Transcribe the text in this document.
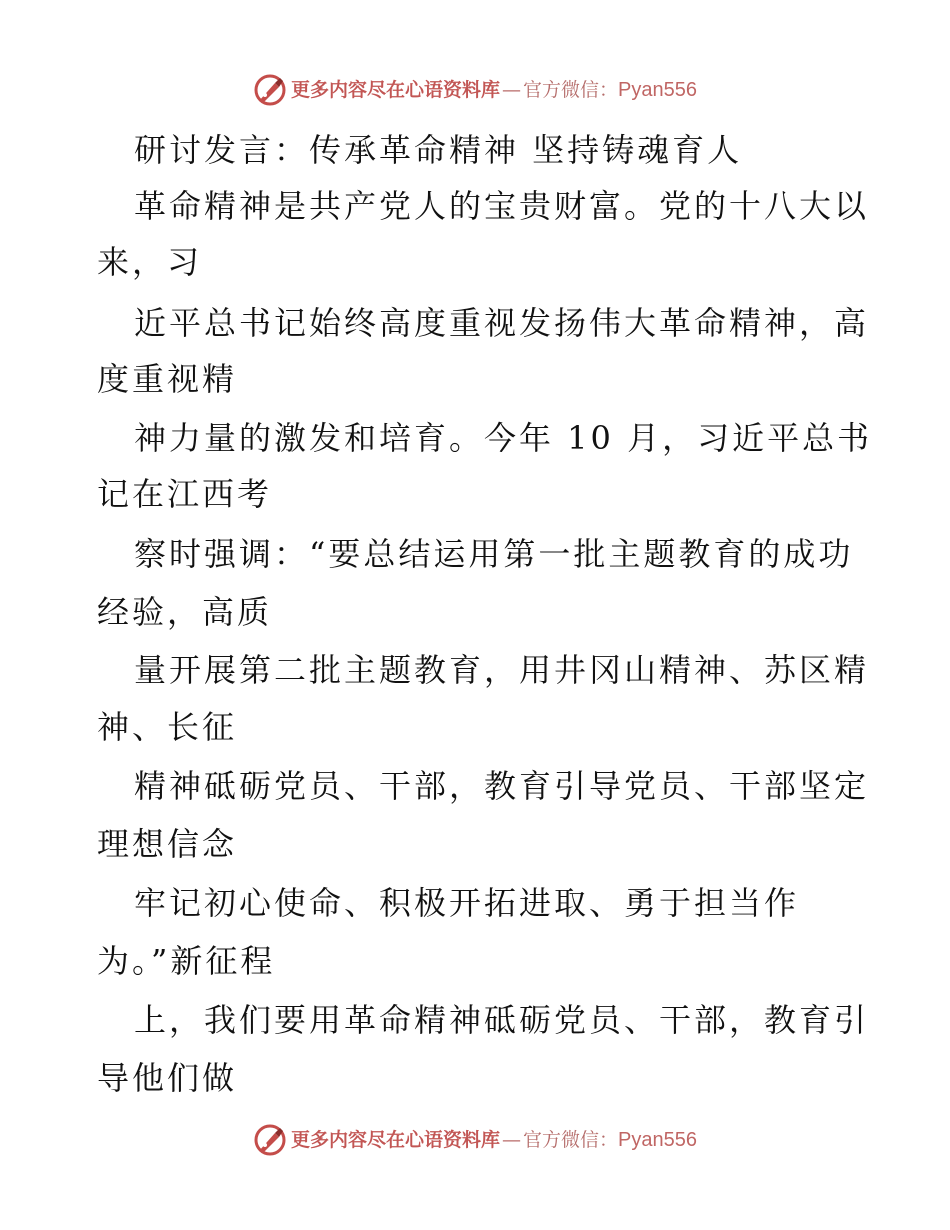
更多内容尽在心语资料库 — 官方微信： Pyan556
研讨发言：传承革命精神 坚持铸魂育人
革命精神是共产党人的宝贵财富。党的十八大以
来，习
近平总书记始终高度重视发扬伟大革命精神，高
度重视精
神力量的激发和培育。今年 10 月，习近平总书
记在江西考
察时强调：“要总结运用第一批主题教育的成功
经验，高质
量开展第二批主题教育，用井冈山精神、苏区精
神、长征
精神砥砺党员、干部，教育引导党员、干部坚定
理想信念
牢记初心使命、积极开拓进取、勇于担当作
为。”新征程
上，我们要用革命精神砥砺党员、干部，教育引
导他们做
更多内容尽在心语资料库 — 官方微信： Pyan556
